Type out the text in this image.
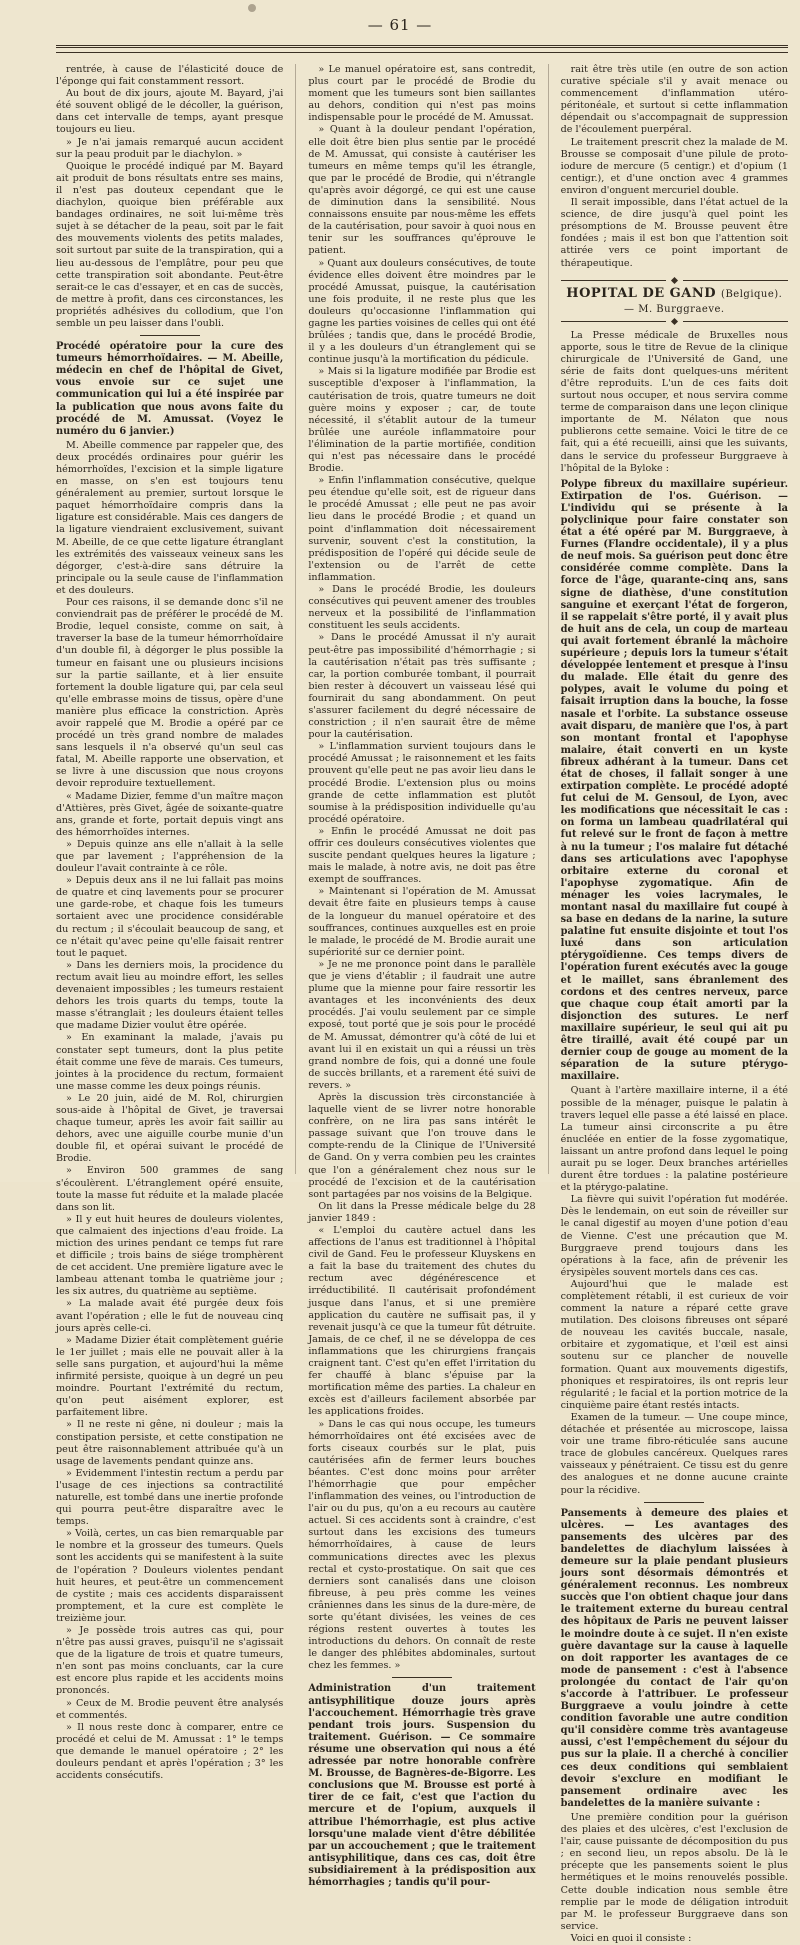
— 61 —

rentrée, à cause de l'élasticité douce de l'éponge qui fait constamment ressort.

Au bout de dix jours, ajoute M. Bayard, j'ai été souvent obligé de le décoller, la guérison, dans cet intervalle de temps, ayant presque toujours eu lieu.

» Je n'ai jamais remarqué aucun accident sur la peau produit par le diachylon. »

Quoique le procédé indiqué par M. Bayard ait produit de bons résultats entre ses mains, il n'est pas douteux cependant que le diachylon, quoique bien préférable aux bandages ordinaires, ne soit lui-même très sujet à se détacher de la peau, soit par le fait des mouvements violents des petits malades, soit surtout par suite de la transpiration, qui a lieu au-dessous de l'emplâtre, pour peu que cette transpiration soit abondante. Peut-être serait-ce le cas d'essayer, et en cas de succès, de mettre à profit, dans ces circonstances, les propriétés adhésives du collodium, que l'on semble un peu laisser dans l'oubli.

Procédé opératoire pour la cure des tumeurs hémorrhoïdaires. — M. Abeille, médecin en chef de l'hôpital de Givet, vous envoie sur ce sujet une communication qui lui a été inspirée par la publication que nous avons faite du procédé de M. Amussat. (Voyez le numéro du 6 janvier.)

M. Abeille commence par rappeler que, des deux procédés ordinaires pour guérir les hémorrhoïdes, l'excision et la simple ligature en masse, on s'en est toujours tenu généralement au premier, surtout lorsque le paquet hémorrhoïdaire compris dans la ligature est considérable. Mais ces dangers de la ligature viendraient exclusivement, suivant M. Abeille, de ce que cette ligature étranglant les extrémités des vaisseaux veineux sans les dégorger, c'est-à-dire sans détruire la principale ou la seule cause de l'inflammation et des douleurs.

Pour ces raisons, il se demande donc s'il ne conviendrait pas de préférer le procédé de M. Brodie, lequel consiste, comme on sait, à traverser la base de la tumeur hémorrhoïdaire d'un double fil, à dégorger le plus possible la tumeur en faisant une ou plusieurs incisions sur la partie saillante, et à lier ensuite fortement la double ligature qui, par cela seul qu'elle embrasse moins de tissus, opère d'une manière plus efficace la constriction. Après avoir rappelé que M. Brodie a opéré par ce procédé un très grand nombre de malades sans lesquels il n'a observé qu'un seul cas fatal, M. Abeille rapporte une observation, et se livre à une discussion que nous croyons devoir reproduire textuellement.

« Madame Dizier, femme d'un maître maçon d'Attières, près Givet, âgée de soixante-quatre ans, grande et forte, portait depuis vingt ans des hémorrhoïdes internes.

» Depuis quinze ans elle n'allait à la selle que par lavement ; l'appréhension de la douleur l'avait contrainte à ce rôle.

» Depuis deux ans il ne lui fallait pas moins de quatre et cinq lavements pour se procurer une garde-robe, et chaque fois les tumeurs sortaient avec une procidence considérable du rectum ; il s'écoulait beaucoup de sang, et ce n'était qu'avec peine qu'elle faisait rentrer tout le paquet.

» Dans les derniers mois, la procidence du rectum avait lieu au moindre effort, les selles devenaient impossibles ; les tumeurs restaient dehors les trois quarts du temps, toute la masse s'étranglait ; les douleurs étaient telles que madame Dizier voulut être opérée.

» En examinant la malade, j'avais pu constater sept tumeurs, dont la plus petite était comme une fève de marais. Ces tumeurs, jointes à la procidence du rectum, formaient une masse comme les deux poings réunis.

» Le 20 juin, aidé de M. Rol, chirurgien sous-aide à l'hôpital de Givet, je traversai chaque tumeur, après les avoir fait saillir au dehors, avec une aiguille courbe munie d'un double fil, et opérai suivant le procédé de Brodie.

» Environ 500 grammes de sang s'écoulèrent. L'étranglement opéré ensuite, toute la masse fut réduite et la malade placée dans son lit.

» Il y eut huit heures de douleurs violentes, que calmaient des injections d'eau froide. La miction des urines pendant ce temps fut rare et difficile ; trois bains de siége tromphèrent de cet accident. Une première ligature avec le lambeau attenant tomba le quatrième jour ; les six autres, du quatrième au septième.

» La malade avait été purgée deux fois avant l'opération ; elle le fut de nouveau cinq jours après celle-ci.

» Madame Dizier était complètement guérie le 1er juillet ; mais elle ne pouvait aller à la selle sans purgation, et aujourd'hui la même infirmité persiste, quoique à un degré un peu moindre. Pourtant l'extrémité du rectum, qu'on peut aisément explorer, est parfaitement libre.

» Il ne reste ni gêne, ni douleur ; mais la constipation persiste, et cette constipation ne peut être raisonnablement attribuée qu'à un usage de lavements pendant quinze ans.

» Evidemment l'intestin rectum a perdu par l'usage de ces injections sa contractilité naturelle, est tombé dans une inertie profonde qui pourra peut-être disparaître avec le temps.

» Voilà, certes, un cas bien remarquable par le nombre et la grosseur des tumeurs. Quels sont les accidents qui se manifestent à la suite de l'opération ? Douleurs violentes pendant huit heures, et peut-être un commencement de cystite ; mais ces accidents disparaissent promptement, et la cure est complète le treizième jour.

» Je possède trois autres cas qui, pour n'être pas aussi graves, puisqu'il ne s'agissait que de la ligature de trois et quatre tumeurs, n'en sont pas moins concluants, car la cure est encore plus rapide et les accidents moins prononcés.

» Ceux de M. Brodie peuvent être analysés et commentés.

» Il nous reste donc à comparer, entre ce procédé et celui de M. Amussat : 1° le temps que demande le manuel opératoire ; 2° les douleurs pendant et après l'opération ; 3° les accidents consécutifs.

» Le manuel opératoire est, sans contredit, plus court par le procédé de Brodie du moment que les tumeurs sont bien saillantes au dehors, condition qui n'est pas moins indispensable pour le procédé de M. Amussat.

» Quant à la douleur pendant l'opération, elle doit être bien plus sentie par le procédé de M. Amussat, qui consiste à cautériser les tumeurs en même temps qu'il les étrangle, que par le procédé de Brodie, qui n'étrangle qu'après avoir dégorgé, ce qui est une cause de diminution dans la sensibilité. Nous connaissons ensuite par nous-même les effets de la cautérisation, pour savoir à quoi nous en tenir sur les souffrances qu'éprouve le patient.

» Quant aux douleurs consécutives, de toute évidence elles doivent être moindres par le procédé Amussat, puisque, la cautérisation une fois produite, il ne reste plus que les douleurs qu'occasionne l'inflammation qui gagne les parties voisines de celles qui ont été brûlées ; tandis que, dans le procédé Brodie, il y a les douleurs d'un étranglement qui se continue jusqu'à la mortification du pédicule.

» Mais si la ligature modifiée par Brodie est susceptible d'exposer à l'inflammation, la cautérisation de trois, quatre tumeurs ne doit guère moins y exposer ; car, de toute nécessité, il s'établit autour de la tumeur brûlée une auréole inflammatoire pour l'élimination de la partie mortifiée, condition qui n'est pas nécessaire dans le procédé Brodie.

» Enfin l'inflammation consécutive, quelque peu étendue qu'elle soit, est de rigueur dans le procédé Amussat ; elle peut ne pas avoir lieu dans le procédé Brodie ; et quand un point d'inflammation doit nécessairement survenir, souvent c'est la constitution, la prédisposition de l'opéré qui décide seule de l'extension ou de l'arrêt de cette inflammation.

» Dans le procédé Brodie, les douleurs consécutives qui peuvent amener des troubles nerveux et la possibilité de l'inflammation constituent les seuls accidents.

» Dans le procédé Amussat il n'y aurait peut-être pas impossibilité d'hémorrhagie ; si la cautérisation n'était pas très suffisante ; car, la portion comburée tombant, il pourrait bien rester à découvert un vaisseau lésé qui fournirait du sang abondamment. On peut s'assurer facilement du degré nécessaire de constriction ; il n'en saurait être de même pour la cautérisation.

» L'inflammation survient toujours dans le procédé Amussat ; le raisonnement et les faits prouvent qu'elle peut ne pas avoir lieu dans le procédé Brodie. L'extension plus ou moins grande de cette inflammation est plutôt soumise à la prédisposition individuelle qu'au procédé opératoire.

» Enfin le procédé Amussat ne doit pas offrir ces douleurs consécutives violentes que suscite pendant quelques heures la ligature ; mais le malade, à notre avis, ne doit pas être exempt de souffrances.

» Maintenant si l'opération de M. Amussat devait être faite en plusieurs temps à cause de la longueur du manuel opératoire et des souffrances, continues auxquelles est en proie le malade, le procédé de M. Brodie aurait une supériorité sur ce dernier point.

» Je ne me prononce point dans le parallèle que je viens d'établir ; il faudrait une autre plume que la mienne pour faire ressortir les avantages et les inconvénients des deux procédés. J'ai voulu seulement par ce simple exposé, tout porté que je sois pour le procédé de M. Amussat, démontrer qu'à côté de lui et avant lui il en existait un qui a réussi un très grand nombre de fois, qui a donné une foule de succès brillants, et a rarement été suivi de revers. »

Après la discussion très circonstanciée à laquelle vient de se livrer notre honorable confrère, on ne lira pas sans intérêt le passage suivant que l'on trouve dans le compte-rendu de la Clinique de l'Université de Gand. On y verra combien peu les craintes que l'on a généralement chez nous sur le procédé de l'excision et de la cautérisation sont partagées par nos voisins de la Belgique.

On lit dans la Presse médicale belge du 28 janvier 1849 :

« L'emploi du cautère actuel dans les affections de l'anus est traditionnel à l'hôpital civil de Gand. Feu le professeur Kluyskens en a fait la base du traitement des chutes du rectum avec dégénérescence et irréductibilité. Il cautérisait profondément jusque dans l'anus, et si une première application du cautère ne suffisait pas, il y revenait jusqu'à ce que la tumeur fût détruite. Jamais, de ce chef, il ne se développa de ces inflammations que les chirurgiens français craignent tant. C'est qu'en effet l'irritation du fer chauffé à blanc s'épuise par la mortification même des parties. La chaleur en excès est d'ailleurs facilement absorbée par les applications froides.

» Dans le cas qui nous occupe, les tumeurs hémorrhoïdaires ont été excisées avec de forts ciseaux courbés sur le plat, puis cautérisées afin de fermer leurs bouches béantes. C'est donc moins pour arrêter l'hémorrhagie que pour empêcher l'inflammation des veines, ou l'introduction de l'air ou du pus, qu'on a eu recours au cautère actuel. Si ces accidents sont à craindre, c'est surtout dans les excisions des tumeurs hémorrhoïdaires, à cause de leurs communications directes avec les plexus rectal et cysto-prostatique. On sait que ces derniers sont canalisés dans une cloison fibreuse, à peu près comme les veines crâniennes dans les sinus de la dure-mère, de sorte qu'étant divisées, les veines de ces régions restent ouvertes à toutes les introductions du dehors. On connaît de reste le danger des phlébites abdominales, surtout chez les femmes. »

Administration d'un traitement antisyphilitique douze jours après l'accouchement. Hémorrhagie très grave pendant trois jours. Suspension du traitement. Guérison. — Ce sommaire résume une observation qui nous a été adressée par notre honorable confrère M. Brousse, de Bagnères-de-Bigorre. Les conclusions que M. Brousse est porté à tirer de ce fait, c'est que l'action du mercure et de l'opium, auxquels il attribue l'hémorrhagie, est plus active lorsqu'une malade vient d'être débilitée par un accouchement ; que le traitement antisyphilitique, dans ces cas, doit être subsidiairement à la prédisposition aux hémorrhagies ; tandis qu'il pour-

rait être très utile (en outre de son action curative spéciale s'il y avait menace ou commencement d'inflammation utéro-péritonéale, et surtout si cette inflammation dépendait ou s'accompagnait de suppression de l'écoulement puerpéral.

Le traitement prescrit chez la malade de M. Brousse se composait d'une pilule de proto-iodure de mercure (5 centigr.) et d'opium (1 centigr.), et d'une onction avec 4 grammes environ d'onguent mercuriel double.

Il serait impossible, dans l'état actuel de la science, de dire jusqu'à quel point les présomptions de M. Brousse peuvent être fondées ; mais il est bon que l'attention soit attirée vers ce point important de thérapeutique.

HOPITAL DE GAND (Belgique). — M. Burggraeve.

La Presse médicale de Bruxelles nous apporte, sous le titre de Revue de la clinique chirurgicale de l'Université de Gand, une série de faits dont quelques-uns méritent d'être reproduits. L'un de ces faits doit surtout nous occuper, et nous servira comme terme de comparaison dans une leçon clinique importante de M. Nélaton que nous publierons cette semaine. Voici le titre de ce fait, qui a été recueilli, ainsi que les suivants, dans le service du professeur Burggraeve à l'hôpital de la Byloke :

Polype fibreux du maxillaire supérieur. Extirpation de l'os. Guérison. — L'individu qui se présente à la polyclinique pour faire constater son état a été opéré par M. Burggraeve, à Furnes (Flandre occidentale), il y a plus de neuf mois. Sa guérison peut donc être considérée comme complète. Dans la force de l'âge, quarante-cinq ans, sans signe de diathèse, d'une constitution sanguine et exerçant l'état de forgeron, il se rappelait s'être porté, il y avait plus de huit ans de cela, un coup de marteau qui avait fortement ébranlé la mâchoire supérieure ; depuis lors la tumeur s'était développée lentement et presque à l'insu du malade. Elle était du genre des polypes, avait le volume du poing et faisait irruption dans la bouche, la fosse nasale et l'orbite. La substance osseuse avait disparu, de manière que l'os, à part son montant frontal et l'apophyse malaire, était converti en un kyste fibreux adhérant à la tumeur. Dans cet état de choses, il fallait songer à une extirpation complète. Le procédé adopté fut celui de M. Gensoul, de Lyon, avec les modifications que nécessitait le cas : on forma un lambeau quadrilatéral qui fut relevé sur le front de façon à mettre à nu la tumeur ; l'os malaire fut détaché dans ses articulations avec l'apophyse orbitaire externe du coronal et l'apophyse zygomatique. Afin de ménager les voies lacrymales, le montant nasal du maxillaire fut coupé à sa base en dedans de la narine, la suture palatine fut ensuite disjointe et tout l'os luxé dans son articulation ptérygoïdienne. Ces temps divers de l'opération furent exécutés avec la gouge et le maillet, sans ébranlement des cordons et des centres nerveux, parce que chaque coup était amorti par la disjonction des sutures. Le nerf maxillaire supérieur, le seul qui ait pu être tiraillé, avait été coupé par un dernier coup de gouge au moment de la séparation de la suture ptérygo-maxillaire.

Quant à l'artère maxillaire interne, il a été possible de la ménager, puisque le palatin à travers lequel elle passe a été laissé en place. La tumeur ainsi circonscrite a pu être énucléée en entier de la fosse zygomatique, laissant un antre profond dans lequel le poing aurait pu se loger. Deux branches artérielles durent être tordues : la palatine postérieure et la ptérygo-palatine.

La fièvre qui suivit l'opération fut modérée. Dès le lendemain, on eut soin de réveiller sur le canal digestif au moyen d'une potion d'eau de Vienne. C'est une précaution que M. Burggraeve prend toujours dans les opérations à la face, afin de prévenir les érysipèles souvent mortels dans ces cas.

Aujourd'hui que le malade est complètement rétabli, il est curieux de voir comment la nature a réparé cette grave mutilation. Des cloisons fibreuses ont séparé de nouveau les cavités buccale, nasale, orbitaire et zygomatique, et l'œil est ainsi soutenu sur ce plancher de nouvelle formation. Quant aux mouvements digestifs, phoniques et respiratoires, ils ont repris leur régularité ; le facial et la portion motrice de la cinquième paire étant restés intacts.

Examen de la tumeur. — Une coupe mince, détachée et présentée au microscope, laissa voir une trame fibro-réticulée sans aucune trace de globules cancéreux. Quelques rares vaisseaux y pénétraient. Ce tissu est du genre des analogues et ne donne aucune crainte pour la récidive.

Pansements à demeure des plaies et ulcères. — Les avantages des pansements des ulcères par des bandelettes de diachylum laissées à demeure sur la plaie pendant plusieurs jours sont désormais démontrés et généralement reconnus. Les nombreux succès que l'on obtient chaque jour dans le traitement externe du bureau central des hôpitaux de Paris ne peuvent laisser le moindre doute à ce sujet. Il n'en existe guère davantage sur la cause à laquelle on doit rapporter les avantages de ce mode de pansement : c'est à l'absence prolongée du contact de l'air qu'on s'accorde à l'attribuer. Le professeur Burggraeve a voulu joindre à cette condition favorable une autre condition qu'il considère comme très avantageuse aussi, c'est l'empêchement du séjour du pus sur la plaie. Il a cherché à concilier ces deux conditions qui semblaient devoir s'exclure en modifiant le pansement ordinaire avec les bandelettes de la manière suivante :

Une première condition pour la guérison des plaies et des ulcères, c'est l'exclusion de l'air, cause puissante de décomposition du pus ; en second lieu, un repos absolu. De là le précepte que les pansements soient le plus hermétiques et le moins renouvelés possible. Cette double indication nous semble être remplie par le mode de déligation introduit par M. le professeur Burggraeve dans son service.

Voici en quoi il consiste :
